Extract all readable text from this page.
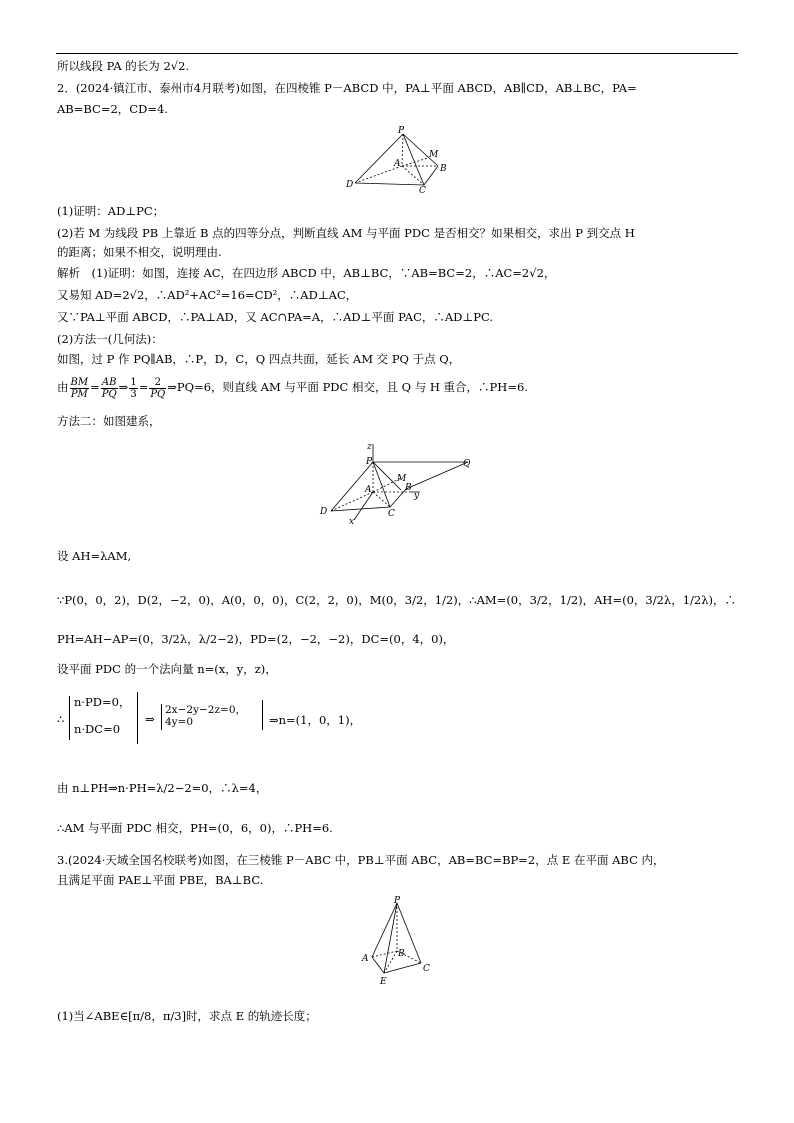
所以线段 PA 的长为 2√2.
2．(2024·镇江市、泰州市4月联考)如图，在四棱锥 P－ABCD 中，PA⊥平面 ABCD，AB∥CD，AB⊥BC，PA=
AB=BC=2，CD=4.
P
M
A	B
D
C
(1)证明：AD⊥PC；
(2)若 M 为线段 PB 上靠近 B 点的四等分点，判断直线 AM 与平面 PDC 是否相交？如果相交，求出 P 到交点 H
的距离；如果不相交，说明理由.
解析　(1)证明：如图，连接 AC，在四边形 ABCD 中，AB⊥BC，∵AB=BC=2，∴AC=2√2，
又易知 AD=2√2，∴AD²+AC²=16=CD²，∴AD⊥AC，
又∵PA⊥平面 ABCD，∴PA⊥AD，又 AC∩PA=A，∴AD⊥平面 PAC，∴AD⊥PC.
(2)方法一(几何法)：
如图，过 P 作 PQ∥AB，∴P，D，C，Q 四点共面，延长 AM 交 PQ 于点 Q，
由 $\frac{BM}{PM} = \frac{AB}{PQ}$ ⇒ $\frac{1}{3} = \frac{2}{PQ}$ ⇒PQ=6，则直线 AM 与平面 PDC 相交，且 Q 与 H 重合，∴PH=6.
方法二：如图建系，
z
P	Q
M
A	B
y
D	C
x
设 AH=λAM,
∵P(0，0，2)，D(2，−2，0)，A(0，0，0)，C(2，2，0)，M(0，3/2，1/2)，∴AM=(0，3/2，1/2)，AH=(0，3/2λ，1/2λ)，∴
PH=AH−AP=(0，3/2λ，λ/2−2)，PD=(2，−2，−2)，DC=(0，4，0)，
设平面 PDC 的一个法向量 n=(x，y，z)，
∴
n·PD=0，
n·DC=0
⇒
2x−2y−2z=0，
4y=0	⇒n=(1，0，1)，
由 n⊥PH⇒n·PH=λ/2−2=0，∴λ=4，
∴AM 与平面 PDC 相交，PH=(0，6，0)，∴PH=6.
3.(2024·天域全国名校联考)如图，在三棱锥 P－ABC 中，PB⊥平面 ABC，AB=BC=BP=2，点 E 在平面 ABC 内，
且满足平面 PAE⊥平面 PBE，BA⊥BC.
P
A	B
C
E
(1)当∠ABE∈[π/8，π/3]时，求点 E 的轨迹长度；
